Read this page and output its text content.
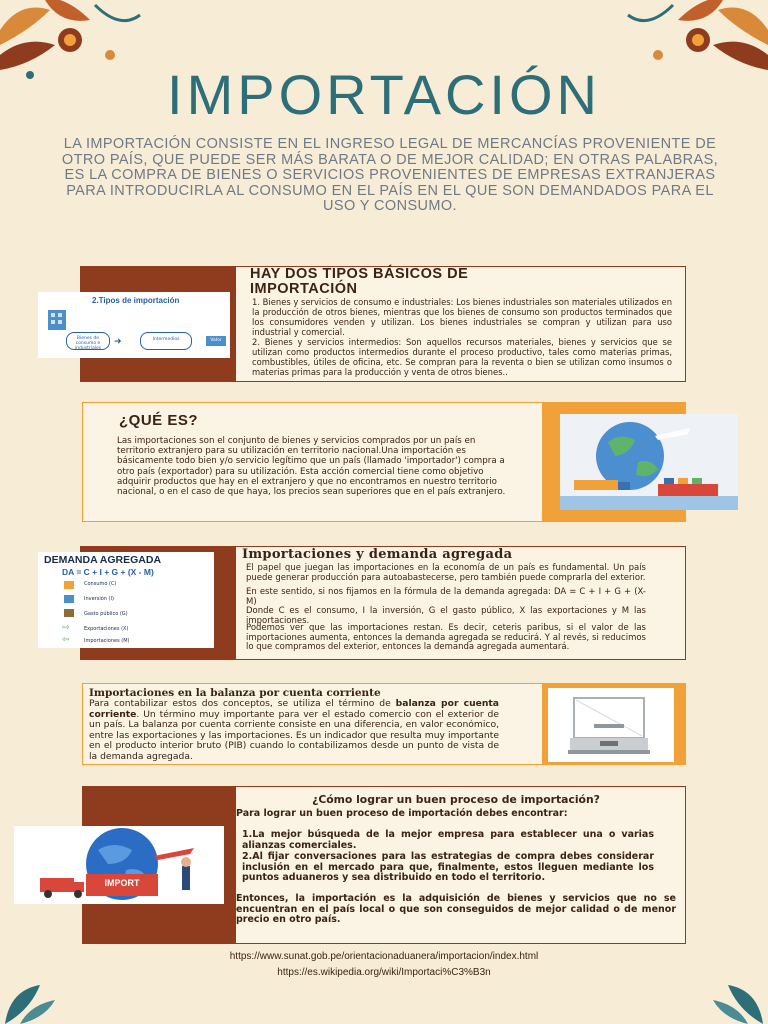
IMPORTACIÓN
LA IMPORTACIÓN CONSISTE EN EL INGRESO LEGAL DE MERCANCÍAS PROVENIENTE DE OTRO PAÍS, QUE PUEDE SER MÁS BARATA O DE MEJOR CALIDAD; EN OTRAS PALABRAS, ES LA COMPRA DE BIENES O SERVICIOS PROVENIENTES DE EMPRESAS EXTRANJERAS PARA INTRODUCIRLA AL CONSUMO EN EL PAÍS EN EL QUE SON DEMANDADOS PARA EL USO Y CONSUMO.
HAY DOS TIPOS BÁSICOS DE IMPORTACIÓN
1. Bienes y servicios de consumo e industriales: Los bienes industriales son materiales utilizados en la producción de otros bienes, mientras que los bienes de consumo son productos terminados que los consumidores venden y utilizan. Los bienes industriales se compran y utilizan para uso industrial y comercial.
2. Bienes y servicios intermedios: Son aquellos recursos materiales, bienes y servicios que se utilizan como productos intermedios durante el proceso productivo, tales como materias primas, combustibles, útiles de oficina, etc. Se compran para la reventa o bien se utilizan como insumos o materias primas para la producción y venta de otros bienes..
2.Tipos de importación
Bienes de consumo e industriales
➜	Intermedios	Valor
¿QUÉ ES?
Las importaciones son el conjunto de bienes y servicios comprados por un país en territorio extranjero para su utilización en territorio nacional.Una importación es básicamente todo bien y/o servicio legítimo que un país (llamado 'importador') compra a otro país (exportador) para su utilización. Esta acción comercial tiene como objetivo adquirir productos que hay en el extranjero y que no encontramos en nuestro territorio nacional, o en el caso de que haya, los precios sean superiores que en el país extranjero.
Importaciones y demanda agregada
El papel que juegan las importaciones en la economía de un país es fundamental. Un país puede generar producción para autoabastecerse, pero también puede comprarla del exterior.
En este sentido, si nos fijamos en la fórmula de la demanda agregada: DA = C + I + G + (X-M)
Donde C es el consumo, I la inversión, G el gasto público, X las exportaciones y M las importaciones.
Podemos ver que las importaciones restan. Es decir, ceteris paribus, si el valor de las importaciones aumenta, entonces la demanda agregada se reducirá. Y al revés, si reducimos lo que compramos del exterior, entonces la demanda agregada aumentará.
DEMANDA AGREGADA
DA = C + I + G + (X - M)
Consumo (C)
Inversión (I)
Gasto público (G)
⇨	Exportaciones (X)
⇦	Importaciones (M)
Importaciones en la balanza por cuenta corriente
Para contabilizar estos dos conceptos, se utiliza el término de balanza por cuenta corriente. Un término muy importante para ver el estado comercio con el exterior de un país. La balanza por cuenta corriente consiste en una diferencia, en valor económico, entre las exportaciones y las importaciones. Es un indicador que resulta muy importante en el producto interior bruto (PIB) cuando lo contabilizamos desde un punto de vista de la demanda agregada.
¿Cómo lograr un buen proceso de importación?
Para lograr un buen proceso de importación debes encontrar:
1.La mejor búsqueda de la mejor empresa para establecer una o varias alianzas comerciales.
2.Al fijar conversaciones para las estrategias de compra debes considerar inclusión en el mercado para que, finalmente, estos lleguen mediante los puntos aduaneros y sea distribuido en todo el territorio.
Entonces, la importación es la adquisición de bienes y servicios que no se encuentran en el país local o que son conseguidos de mejor calidad o de menor precio en otro país.
IMPORT
https://www.sunat.gob.pe/orientacionaduanera/importacion/index.html
https://es.wikipedia.org/wiki/Importaci%C3%B3n
